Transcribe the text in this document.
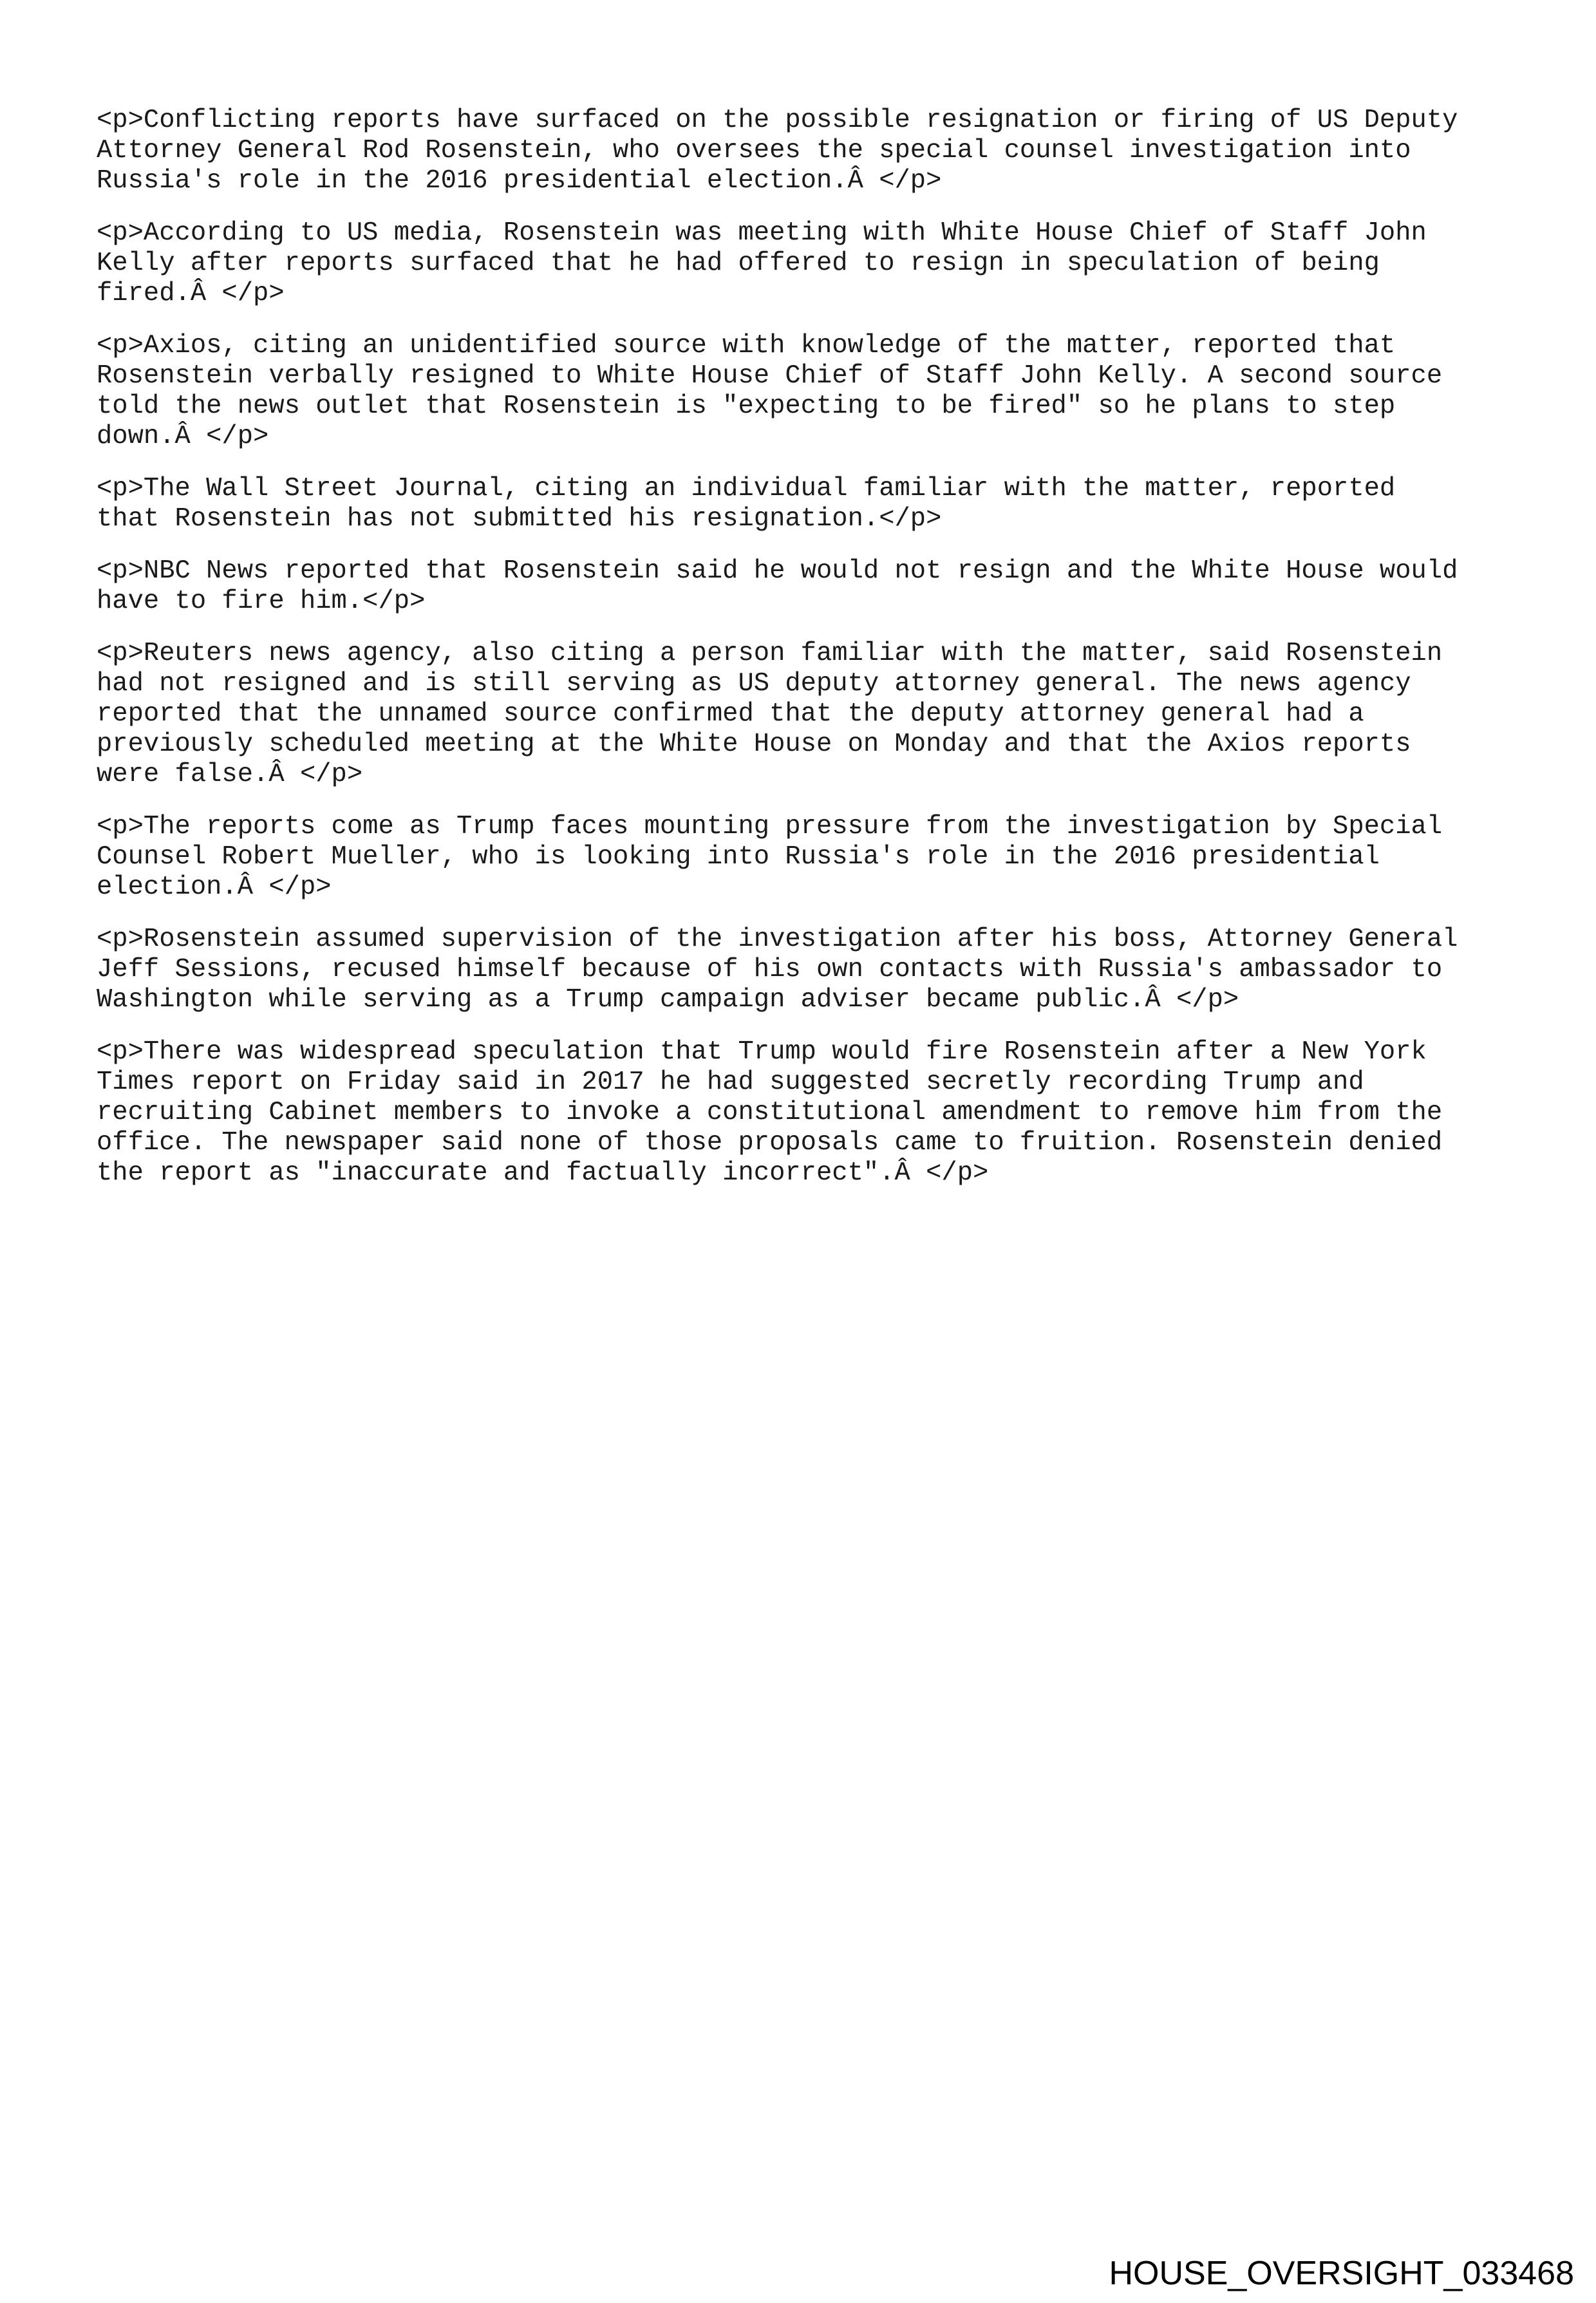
<p>Conflicting reports have surfaced on the possible resignation or firing of US Deputy
Attorney General Rod Rosenstein, who oversees the special counsel investigation into
Russia's role in the 2016 presidential election.Â </p>

<p>According to US media, Rosenstein was meeting with White House Chief of Staff John
Kelly after reports surfaced that he had offered to resign in speculation of being
fired.Â </p>

<p>Axios, citing an unidentified source with knowledge of the matter, reported that
Rosenstein verbally resigned to White House Chief of Staff John Kelly. A second source
told the news outlet that Rosenstein is "expecting to be fired" so he plans to step
down.Â </p>

<p>The Wall Street Journal, citing an individual familiar with the matter, reported
that Rosenstein has not submitted his resignation.</p>

<p>NBC News reported that Rosenstein said he would not resign and the White House would
have to fire him.</p>

<p>Reuters news agency, also citing a person familiar with the matter, said Rosenstein
had not resigned and is still serving as US deputy attorney general. The news agency
reported that the unnamed source confirmed that the deputy attorney general had a
previously scheduled meeting at the White House on Monday and that the Axios reports
were false.Â </p>

<p>The reports come as Trump faces mounting pressure from the investigation by Special
Counsel Robert Mueller, who is looking into Russia's role in the 2016 presidential
election.Â </p>

<p>Rosenstein assumed supervision of the investigation after his boss, Attorney General
Jeff Sessions, recused himself because of his own contacts with Russia's ambassador to
Washington while serving as a Trump campaign adviser became public.Â </p>

<p>There was widespread speculation that Trump would fire Rosenstein after a New York
Times report on Friday said in 2017 he had suggested secretly recording Trump and
recruiting Cabinet members to invoke a constitutional amendment to remove him from the
office. The newspaper said none of those proposals came to fruition. Rosenstein denied
the report as "inaccurate and factually incorrect".Â </p>

HOUSE_OVERSIGHT_033468
